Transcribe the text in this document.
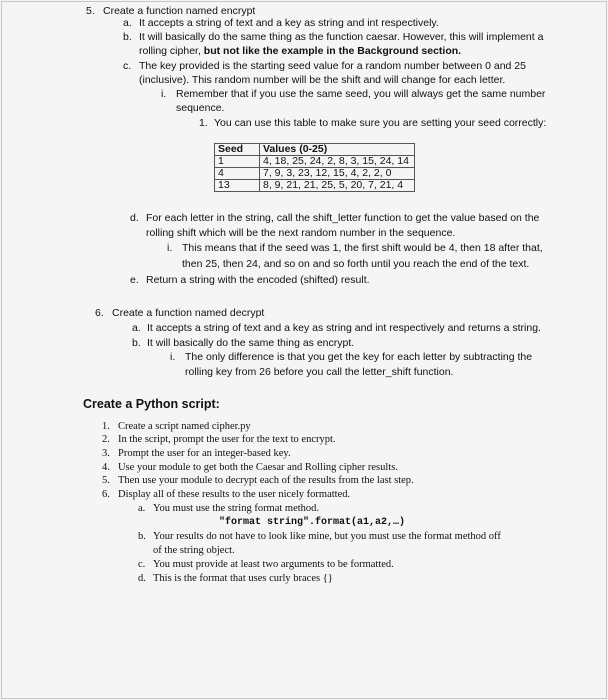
5. Create a function named encrypt
a. It accepts a string of text and a key as string and int respectively.
b. It will basically do the same thing as the function caesar. However, this will implement a
rolling cipher, but not like the example in the Background section.
c. The key provided is the starting seed value for a random number between 0 and 25
(inclusive). This random number will be the shift and will change for each letter.
i. Remember that if you use the same seed, you will always get the same number
sequence.
1. You can use this table to make sure you are setting your seed correctly:
Seed	Values (0-25)
1	4, 18, 25, 24, 2, 8, 3, 15, 24, 14
4	7, 9, 3, 23, 12, 15, 4, 2, 2, 0
13	8, 9, 21, 21, 25, 5, 20, 7, 21, 4
d. For each letter in the string, call the shift_letter function to get the value based on the
rolling shift which will be the next random number in the sequence.
i. This means that if the seed was 1, the first shift would be 4, then 18 after that,
then 25, then 24, and so on and so forth until you reach the end of the text.
e. Return a string with the encoded (shifted) result.
6. Create a function named decrypt
a. It accepts a string of text and a key as string and int respectively and returns a string.
b. It will basically do the same thing as encrypt.
i. The only difference is that you get the key for each letter by subtracting the
rolling key from 26 before you call the letter_shift function.
Create a Python script:
1. Create a script named cipher.py
2. In the script, prompt the user for the text to encrypt.
3. Prompt the user for an integer-based key.
4. Use your module to get both the Caesar and Rolling cipher results.
5. Then use your module to decrypt each of the results from the last step.
6. Display all of these results to the user nicely formatted.
a. You must use the string format method.
"format string".format(a1,a2,…)
b. Your results do not have to look like mine, but you must use the format method off
of the string object.
c. You must provide at least two arguments to be formatted.
d. This is the format that uses curly braces {}
